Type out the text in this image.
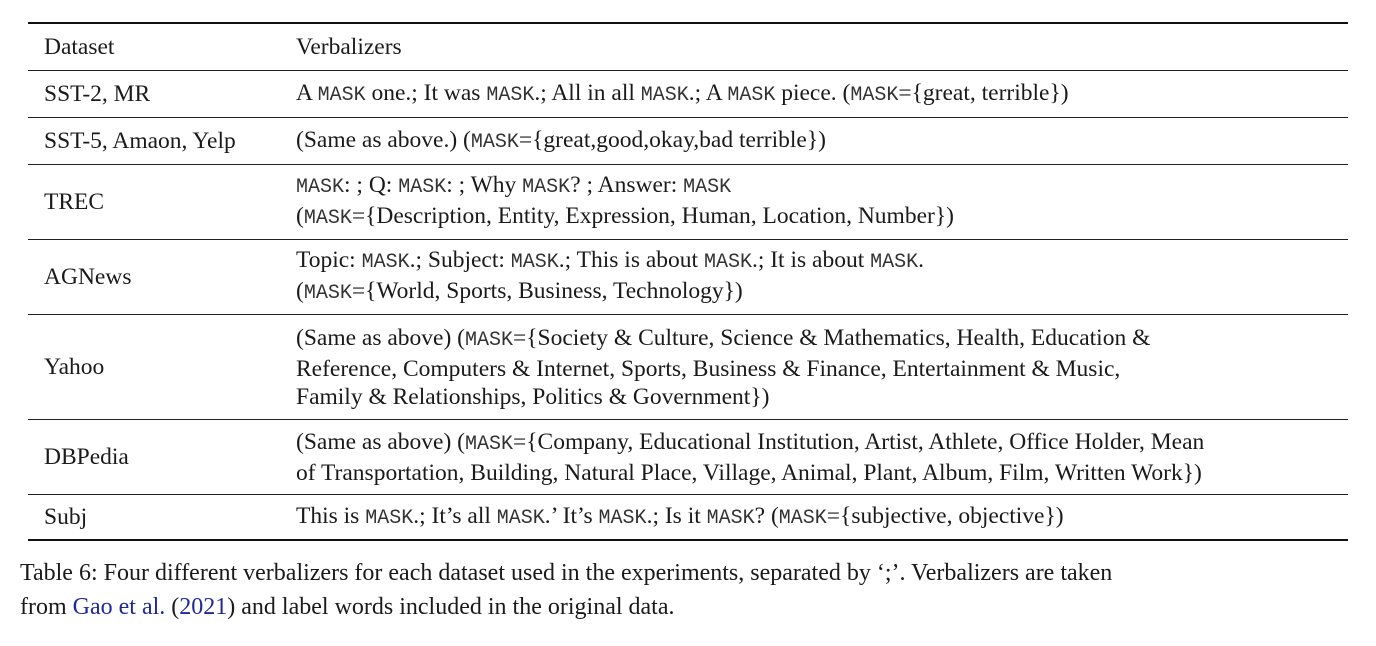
Dataset	Verbalizers
SST-2, MR	A MASK one.; It was MASK.; All in all MASK.; A MASK piece. (MASK={great, terrible})
SST-5, Amaon, Yelp	(Same as above.) (MASK={great,good,okay,bad terrible})
TREC	MASK: ; Q: MASK: ; Why MASK? ; Answer: MASK
(MASK={Description, Entity, Expression, Human, Location, Number})
AGNews	Topic: MASK.; Subject: MASK.; This is about MASK.; It is about MASK.
(MASK={World, Sports, Business, Technology})
Yahoo	(Same as above) (MASK={Society & Culture, Science & Mathematics, Health, Education &
Reference, Computers & Internet, Sports, Business & Finance, Entertainment & Music,
Family & Relationships, Politics & Government})
DBPedia	(Same as above) (MASK={Company, Educational Institution, Artist, Athlete, Office Holder, Mean
of Transportation, Building, Natural Place, Village, Animal, Plant, Album, Film, Written Work})
Subj	This is MASK.; It’s all MASK.’ It’s MASK.; Is it MASK? (MASK={subjective, objective})
Table 6: Four different verbalizers for each dataset used in the experiments, separated by ‘;’. Verbalizers are taken
from Gao et al. (2021) and label words included in the original data.
